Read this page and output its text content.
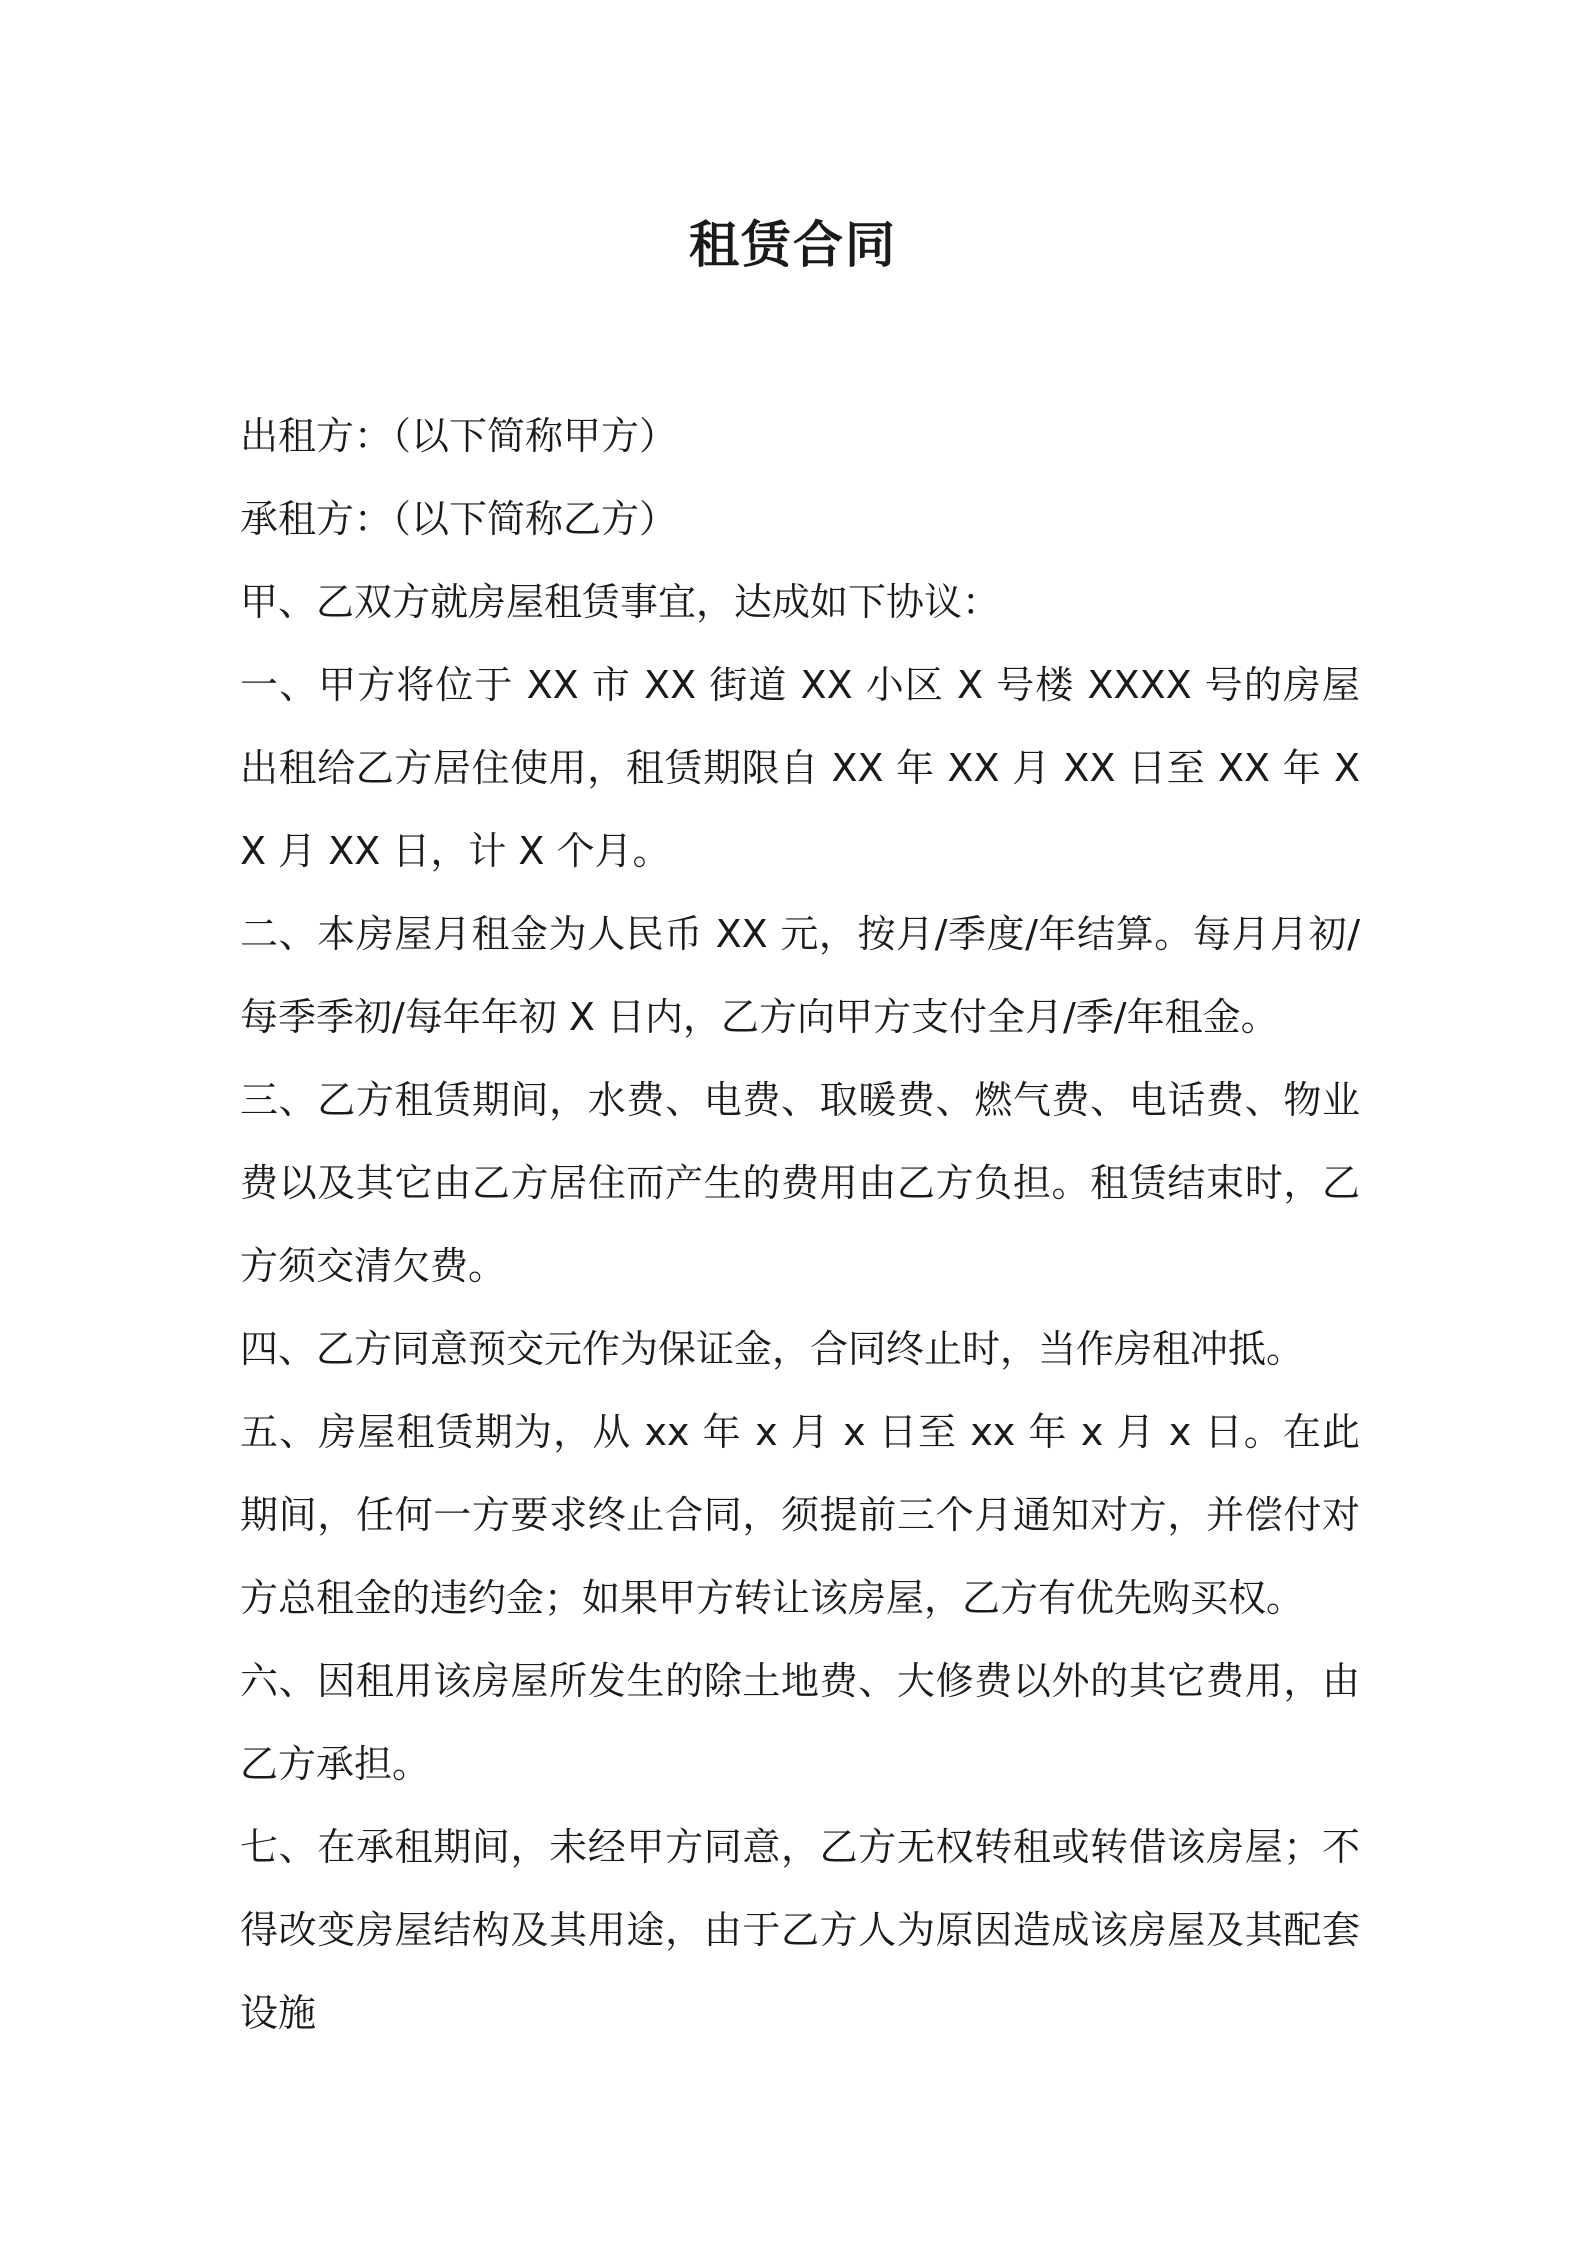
租赁合同

出租方：（以下简称甲方）

承租方：（以下简称乙方）

甲、乙双方就房屋租赁事宜，达成如下协议：

一、甲方将位于 XX 市 XX 街道 XX 小区 X 号楼 XXXX 号的房屋出租给乙方居住使用，租赁期限自 XX 年 XX 月 XX 日至 XX 年 XX 月 XX 日，计 X 个月。

二、本房屋月租金为人民币 XX 元，按月/季度/年结算。每月月初/每季季初/每年年初 X 日内，乙方向甲方支付全月/季/年租金。

三、乙方租赁期间，水费、电费、取暖费、燃气费、电话费、物业费以及其它由乙方居住而产生的费用由乙方负担。租赁结束时，乙方须交清欠费。

四、乙方同意预交元作为保证金，合同终止时，当作房租冲抵。

五、房屋租赁期为，从 xx 年 x 月 x 日至 xx 年 x 月 x 日。在此期间，任何一方要求终止合同，须提前三个月通知对方，并偿付对方总租金的违约金；如果甲方转让该房屋，乙方有优先购买权。

六、因租用该房屋所发生的除土地费、大修费以外的其它费用，由乙方承担。

七、在承租期间，未经甲方同意，乙方无权转租或转借该房屋；不得改变房屋结构及其用途，由于乙方人为原因造成该房屋及其配套设施
